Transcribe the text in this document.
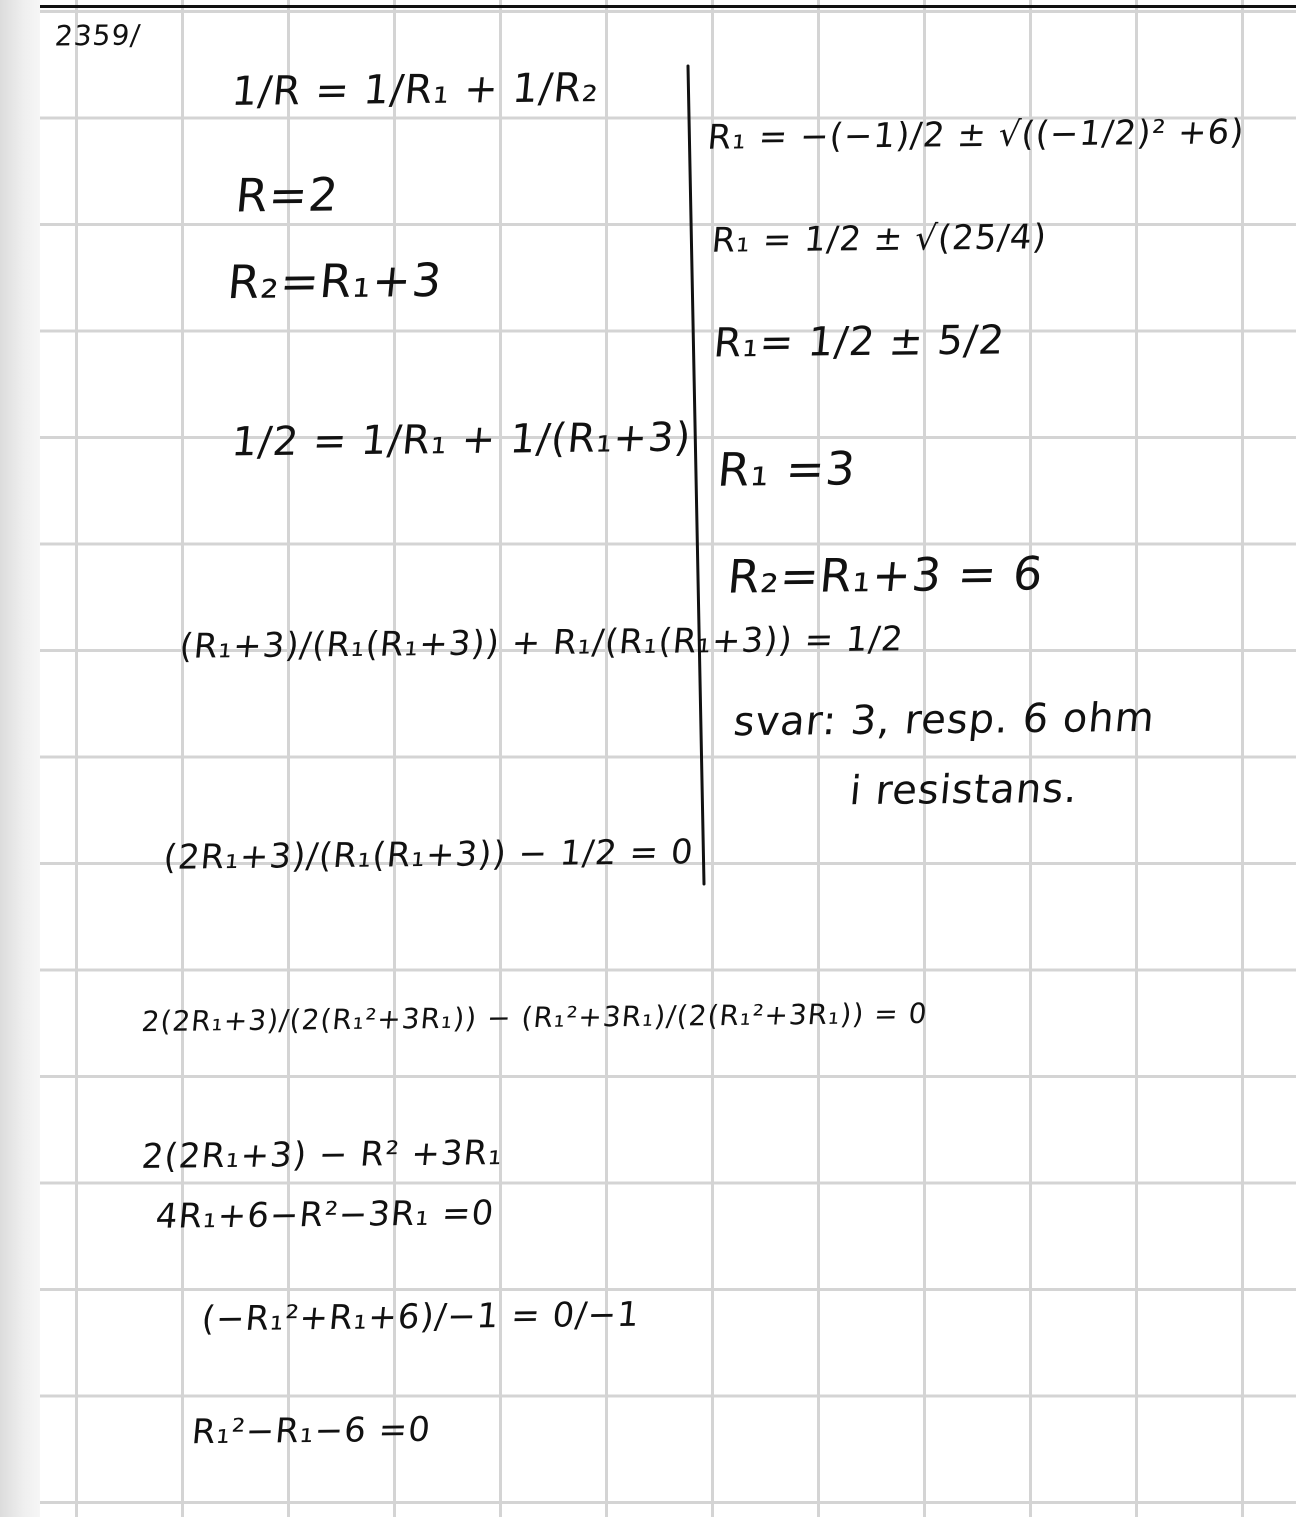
2359/
1/R = 1/R₁ + 1/R₂
R=2
R₂=R₁+3
1/2 = 1/R₁ + 1/(R₁+3)
(R₁+3)/(R₁(R₁+3)) + R₁/(R₁(R₁+3)) = 1/2
(2R₁+3)/(R₁(R₁+3)) − 1/2 = 0
2(2R₁+3)/(2(R₁²+3R₁)) − (R₁²+3R₁)/(2(R₁²+3R₁)) = 0
2(2R₁+3) − R² +3R₁
4R₁+6−R²−3R₁ =0
(−R₁²+R₁+6)/−1 = 0/−1
R₁²−R₁−6 =0
R₁ = −(−1)/2 ± √((−1/2)² +6)
R₁ = 1/2 ± √(25/4)
R₁= 1/2 ± 5/2
R₁ =3
R₂=R₁+3 = 6
svar: 3, resp. 6 ohm
i resistans.
